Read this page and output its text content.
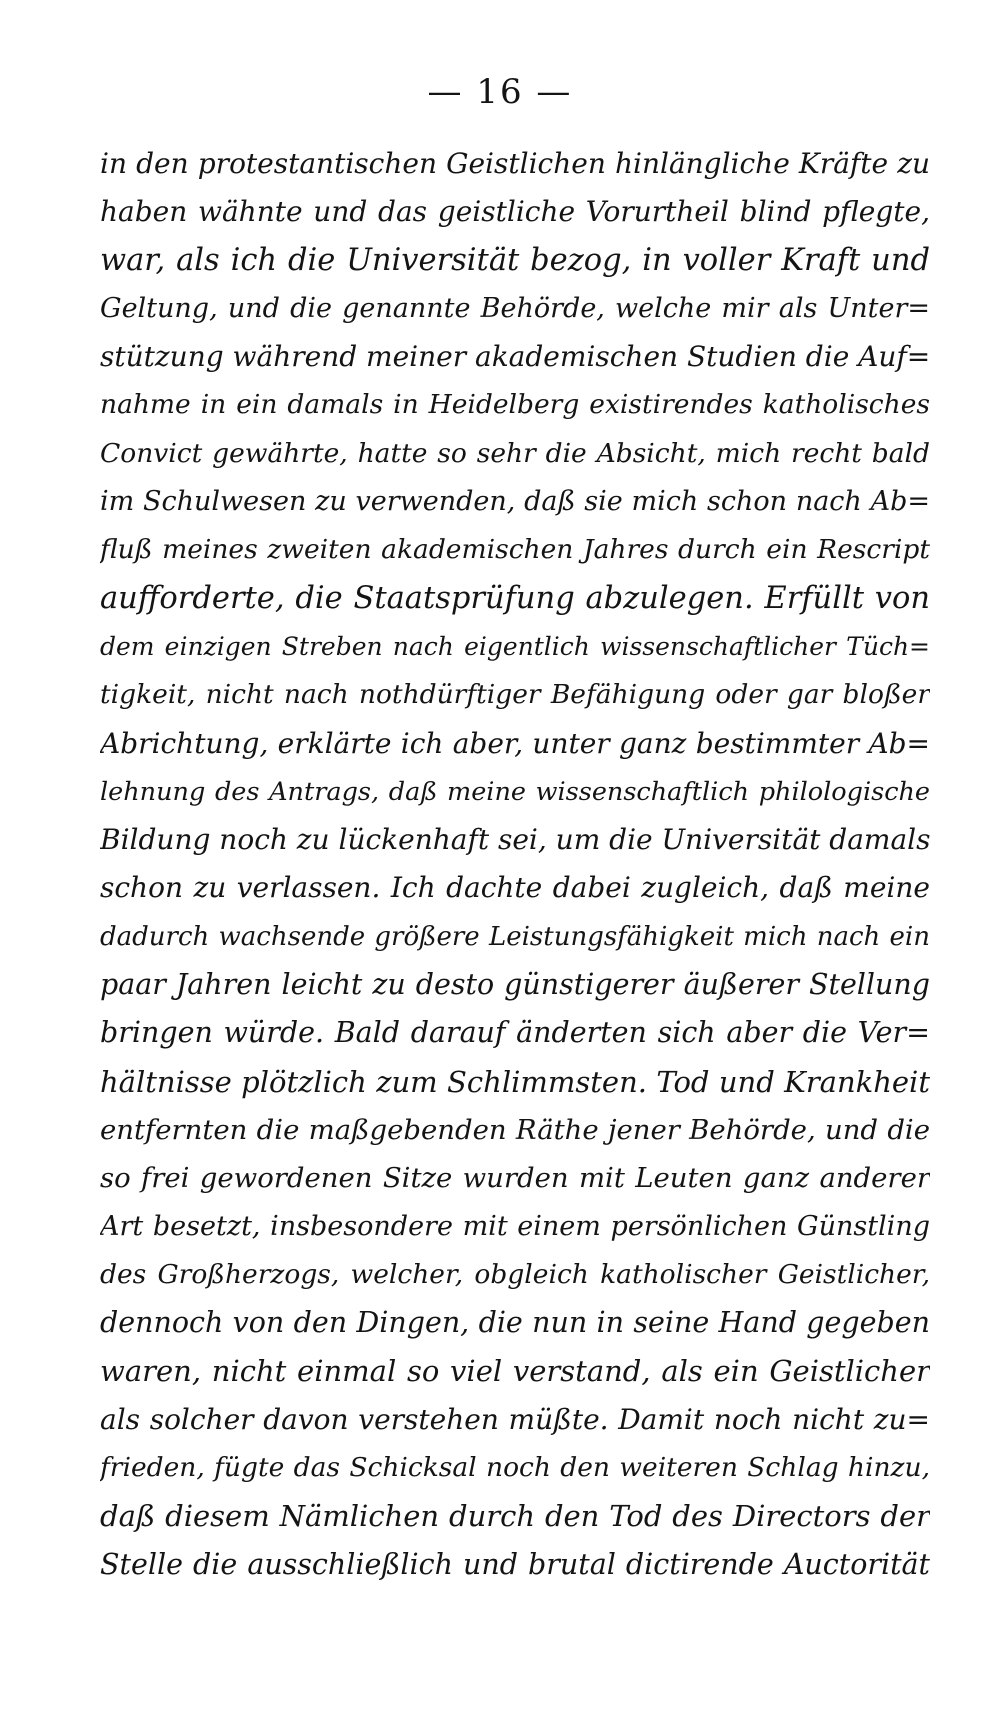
— 16 —
in den protestantischen Geistlichen hinlängliche Kräfte zu
haben wähnte und das geistliche Vorurtheil blind pflegte,
war, als ich die Universität bezog, in voller Kraft und
Geltung, und die genannte Behörde, welche mir als Unter=
stützung während meiner akademischen Studien die Auf=
nahme in ein damals in Heidelberg existirendes katholisches
Convict gewährte, hatte so sehr die Absicht, mich recht bald
im Schulwesen zu verwenden, daß sie mich schon nach Ab=
fluß meines zweiten akademischen Jahres durch ein Rescript
aufforderte, die Staatsprüfung abzulegen. Erfüllt von
dem einzigen Streben nach eigentlich wissenschaftlicher Tüch=
tigkeit, nicht nach nothdürftiger Befähigung oder gar bloßer
Abrichtung, erklärte ich aber, unter ganz bestimmter Ab=
lehnung des Antrags, daß meine wissenschaftlich philologische
Bildung noch zu lückenhaft sei, um die Universität damals
schon zu verlassen. Ich dachte dabei zugleich, daß meine
dadurch wachsende größere Leistungsfähigkeit mich nach ein
paar Jahren leicht zu desto günstigerer äußerer Stellung
bringen würde. Bald darauf änderten sich aber die Ver=
hältnisse plötzlich zum Schlimmsten. Tod und Krankheit
entfernten die maßgebenden Räthe jener Behörde, und die
so frei gewordenen Sitze wurden mit Leuten ganz anderer
Art besetzt, insbesondere mit einem persönlichen Günstling
des Großherzogs, welcher, obgleich katholischer Geistlicher,
dennoch von den Dingen, die nun in seine Hand gegeben
waren, nicht einmal so viel verstand, als ein Geistlicher
als solcher davon verstehen müßte. Damit noch nicht zu=
frieden, fügte das Schicksal noch den weiteren Schlag hinzu,
daß diesem Nämlichen durch den Tod des Directors der
Stelle die ausschließlich und brutal dictirende Auctorität
